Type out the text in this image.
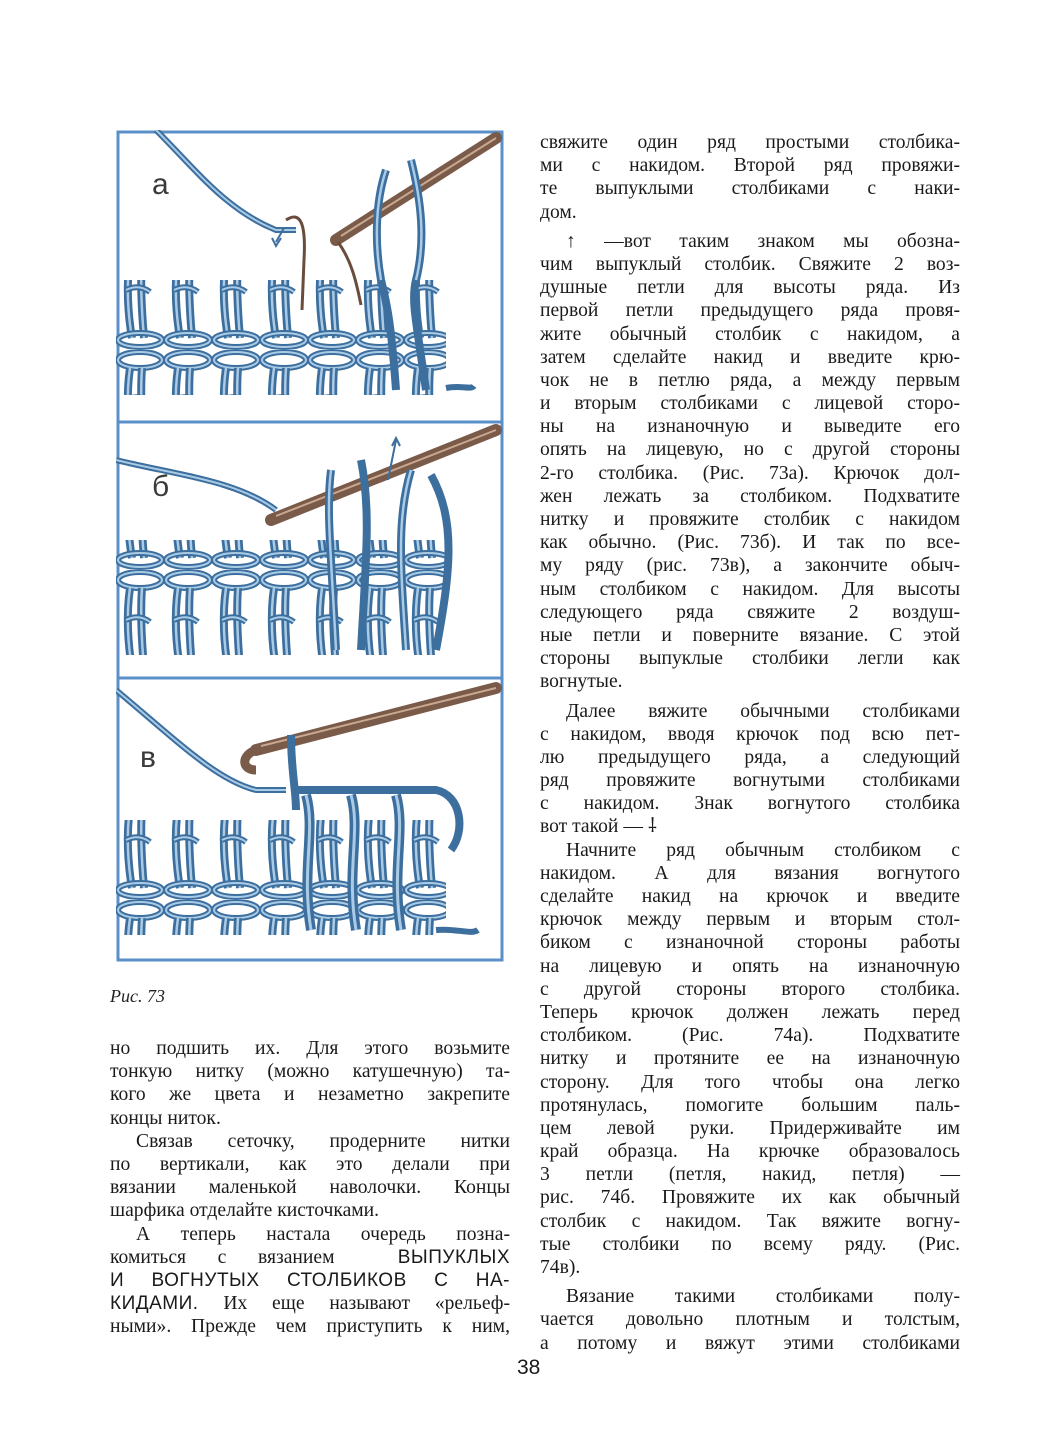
а
б
в
Рис. 73
но подшить их. Для этого возьмите
тонкую нитку (можно катушечную) та-
кого же цвета и незаметно закрепите
концы ниток.
Связав сеточку, продерните нитки
по вертикали, как это делали при
вязании маленькой наволочки. Концы
шарфика отделайте кисточками.
А теперь настала очередь позна-
комиться с вязанием	ВЫПУКЛЫХ
И ВОГНУТЫХ СТОЛБИКОВ С НА-
КИДАМИ. Их еще называют «рельеф-
ными». Прежде чем приступить к ним,
свяжите один ряд простыми столбика-
ми с накидом. Второй ряд провяжи-
те выпуклыми столбиками с наки-
дом.
↑ —вот таким знаком мы обозна-
чим выпуклый столбик. Свяжите 2 воз-
душные петли для высоты ряда. Из
первой петли предыдущего ряда провя-
жите обычный столбик с накидом, а
затем сделайте накид и введите крю-
чок не в петлю ряда, а между первым
и вторым столбиками с лицевой сторо-
ны на изнаночную и выведите его
опять на лицевую, но с другой стороны
2-го столбика. (Рис. 73а). Крючок дол-
жен лежать за столбиком. Подхватите
нитку и провяжите столбик с накидом
как обычно. (Рис. 73б). И так по все-
му ряду (рис. 73в), а закончите обыч-
ным столбиком с накидом. Для высоты
следующего ряда свяжите 2 воздуш-
ные петли и поверните вязание. С этой
стороны выпуклые столбики легли как
вогнутые.
Далее вяжите обычными столбиками
с накидом, вводя крючок под всю пет-
лю предыдущего ряда, а следующий
ряд провяжите вогнутыми столбиками
с накидом. Знак вогнутого столбика
вот такой — ⸸
Начните ряд обычным столбиком с
накидом. А для вязания вогнутого
сделайте накид на крючок и введите
крючок между первым и вторым стол-
биком с изнаночной стороны работы
на лицевую и опять на изнаночную
с другой стороны второго столбика.
Теперь крючок должен лежать перед
столбиком. (Рис. 74а). Подхватите
нитку и протяните ее на изнаночную
сторону. Для того чтобы она легко
протянулась, помогите большим паль-
цем левой руки. Придерживайте им
край образца. На крючке образовалось
3 петли (петля, накид, петля) —
рис. 74б. Провяжите их как обычный
столбик с накидом. Так вяжите вогну-
тые столбики по всему ряду. (Рис.
74в).
Вязание такими столбиками полу-
чается довольно плотным и толстым,
а потому и вяжут этими столбиками
38
